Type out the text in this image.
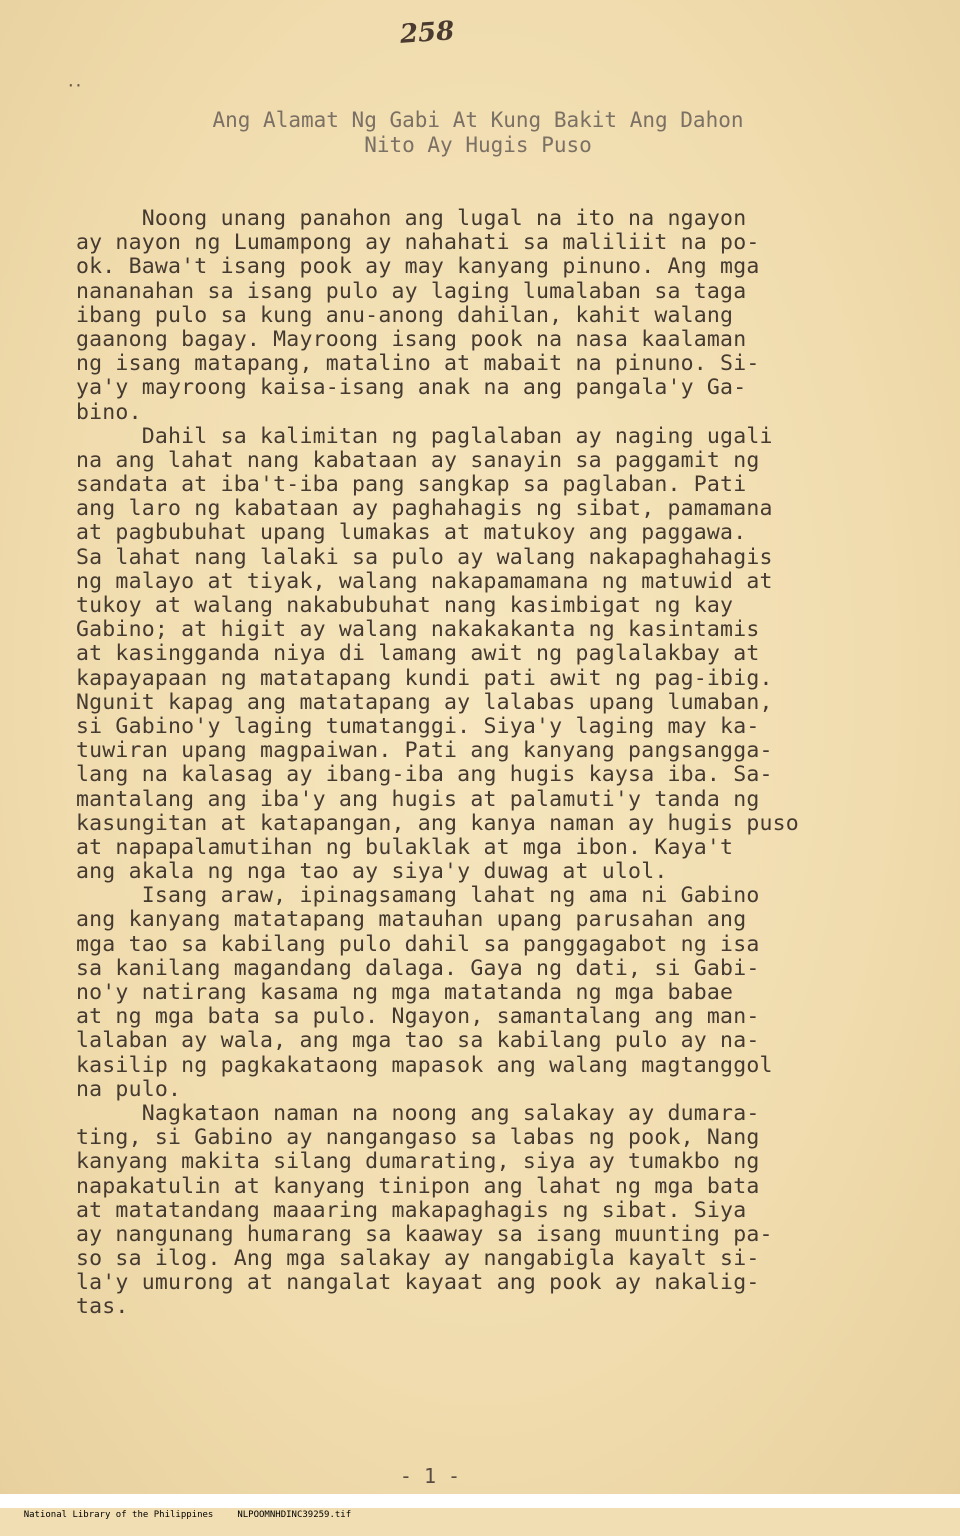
258
··
Ang Alamat Ng Gabi At Kung Bakit Ang Dahon
Nito Ay Hugis Puso
Noong unang panahon ang lugal na ito na ngayon
ay nayon ng Lumampong ay nahahati sa maliliit na po-
ok. Bawa't isang pook ay may kanyang pinuno. Ang mga
nananahan sa isang pulo ay laging lumalaban sa taga
ibang pulo sa kung anu-anong dahilan, kahit walang
gaanong bagay. Mayroong isang pook na nasa kaalaman
ng isang matapang, matalino at mabait na pinuno. Si-
ya'y mayroong kaisa-isang anak na ang pangala'y Ga-
bino.
Dahil sa kalimitan ng paglalaban ay naging ugali
na ang lahat nang kabataan ay sanayin sa paggamit ng
sandata at iba't-iba pang sangkap sa paglaban. Pati
ang laro ng kabataan ay paghahagis ng sibat, pamamana
at pagbubuhat upang lumakas at matukoy ang paggawa.
Sa lahat nang lalaki sa pulo ay walang nakapaghahagis
ng malayo at tiyak, walang nakapamamana ng matuwid at
tukoy at walang nakabubuhat nang kasimbigat ng kay
Gabino; at higit ay walang nakakakanta ng kasintamis
at kasingganda niya di lamang awit ng paglalakbay at
kapayapaan ng matatapang kundi pati awit ng pag-ibig.
Ngunit kapag ang matatapang ay lalabas upang lumaban,
si Gabino'y laging tumatanggi. Siya'y laging may ka-
tuwiran upang magpaiwan. Pati ang kanyang pangsangga-
lang na kalasag ay ibang-iba ang hugis kaysa iba. Sa-
mantalang ang iba'y ang hugis at palamuti'y tanda ng
kasungitan at katapangan, ang kanya naman ay hugis puso
at napapalamutihan ng bulaklak at mga ibon. Kaya't
ang akala ng nga tao ay siya'y duwag at ulol.
Isang araw, ipinagsamang lahat ng ama ni Gabino
ang kanyang matatapang matauhan upang parusahan ang
mga tao sa kabilang pulo dahil sa panggagabot ng isa
sa kanilang magandang dalaga. Gaya ng dati, si Gabi-
no'y natirang kasama ng mga matatanda ng mga babae
at ng mga bata sa pulo. Ngayon, samantalang ang man-
lalaban ay wala, ang mga tao sa kabilang pulo ay na-
kasilip ng pagkakataong mapasok ang walang magtanggol
na pulo.
Nagkataon naman na noong ang salakay ay dumara-
ting, si Gabino ay nangangaso sa labas ng pook, Nang
kanyang makita silang dumarating, siya ay tumakbo ng
napakatulin at kanyang tinipon ang lahat ng mga bata
at matatandang maaaring makapaghagis ng sibat. Siya
ay nangunang humarang sa kaaway sa isang muunting pa-
so sa ilog. Ang mga salakay ay nangabigla kayalt si-
la'y umurong at nangalat kayaat ang pook ay nakalig-
tas.
- 1 -

National Library of the Philippines	NLPOOMNHDINC39259.tif
